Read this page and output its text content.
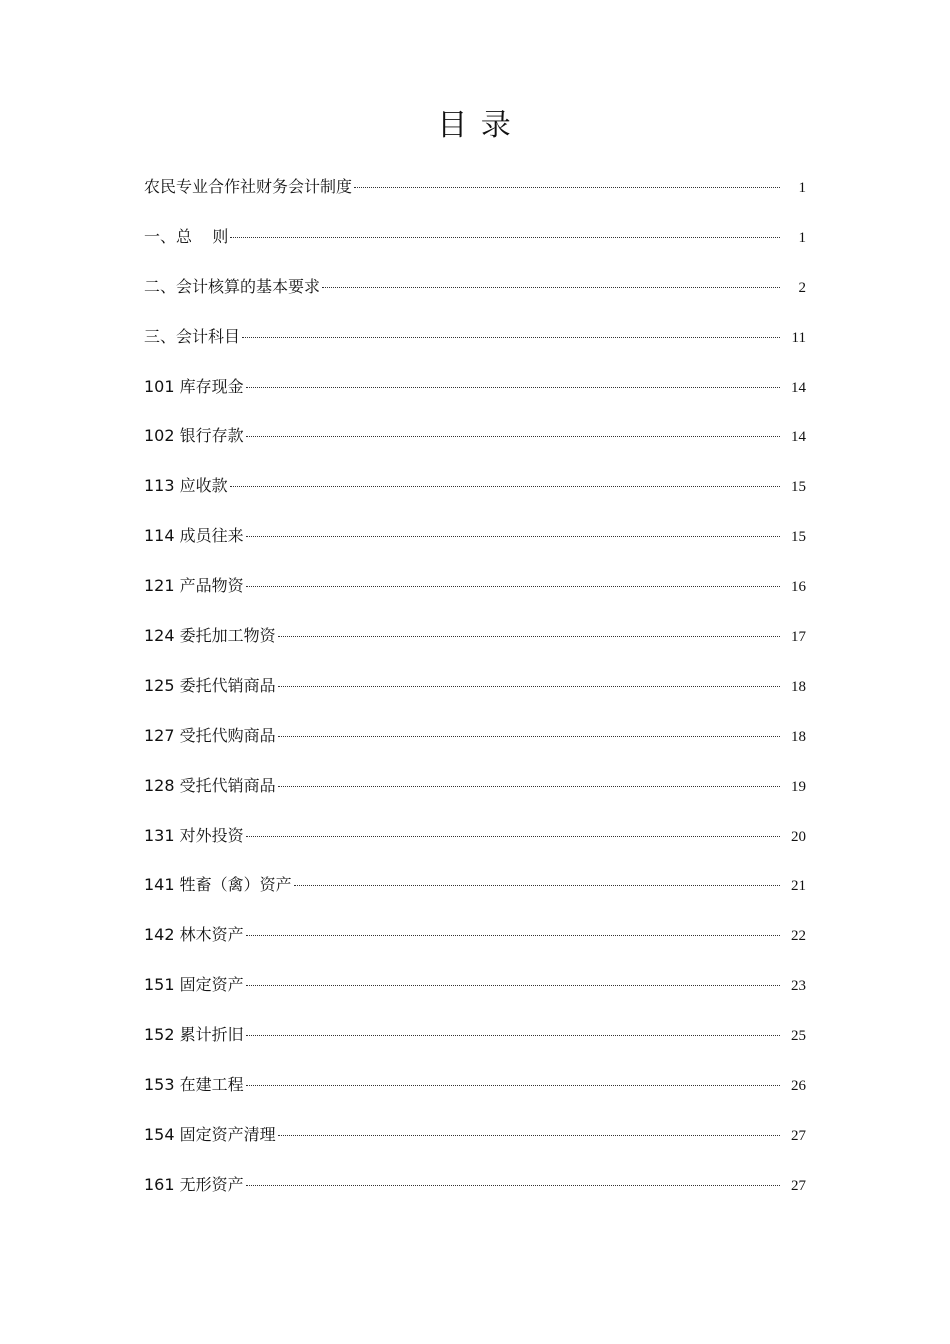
目 录
农民专业合作社财务会计制度	1
一、总    则	1
二、会计核算的基本要求	2
三、会计科目	11
101 库存现金	14
102 银行存款	14
113 应收款	15
114 成员往来	15
121 产品物资	16
124 委托加工物资	17
125 委托代销商品	18
127 受托代购商品	18
128 受托代销商品	19
131 对外投资	20
141 牲畜（禽）资产	21
142 林木资产	22
151 固定资产	23
152 累计折旧	25
153 在建工程	26
154 固定资产清理	27
161 无形资产	27
